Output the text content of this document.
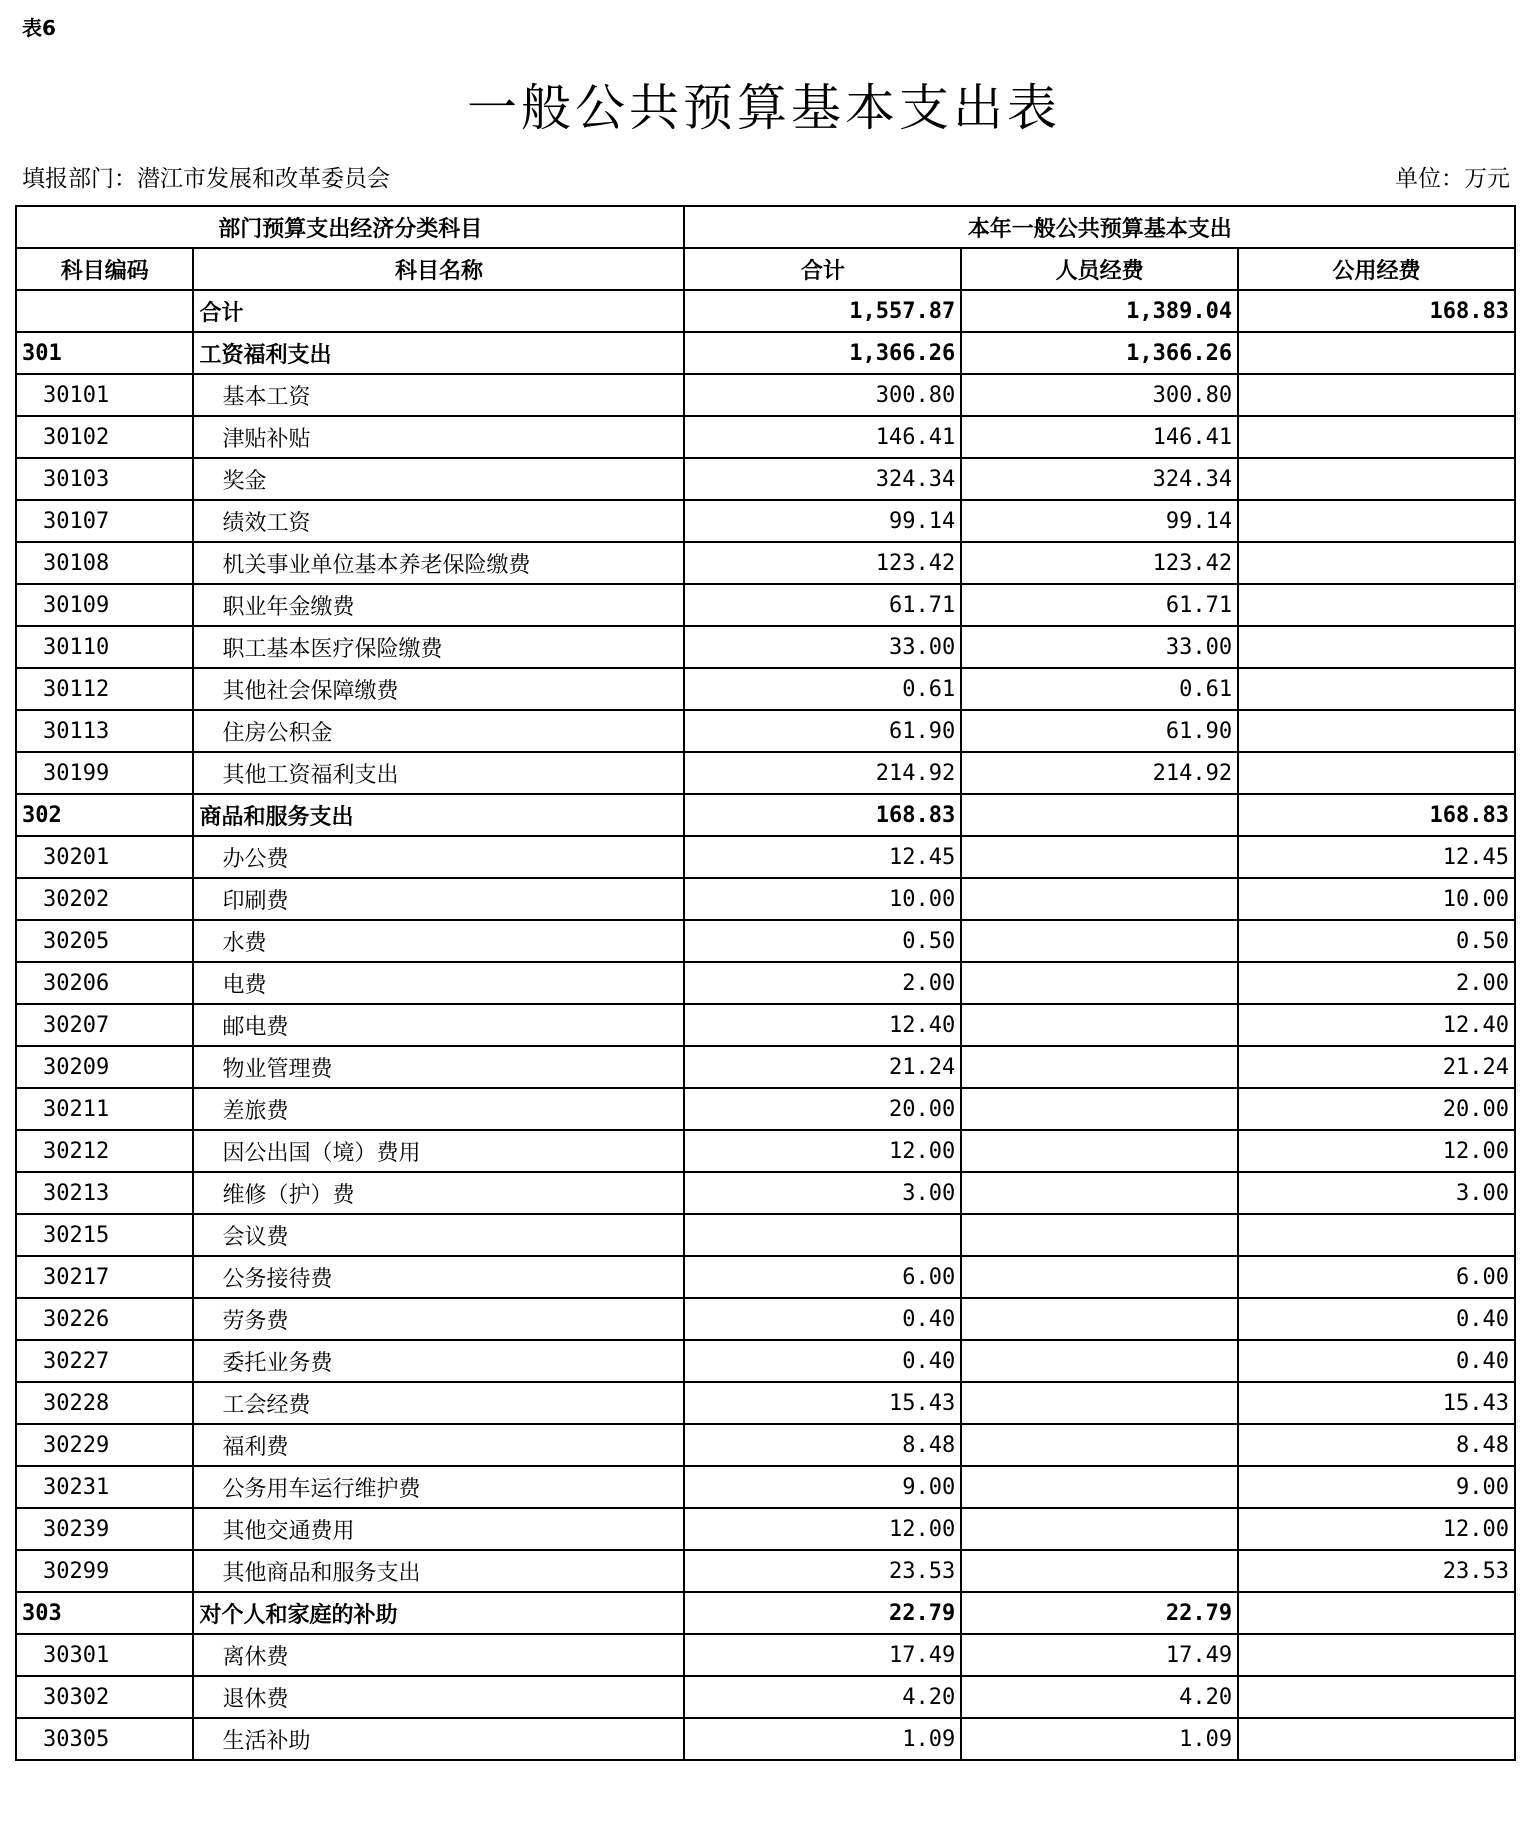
表6
一般公共预算基本支出表
填报部门：潜江市发展和改革委员会	单位：万元
部门预算支出经济分类科目		本年一般公共预算基本支出		
科目编码	科目名称	合计	人员经费	公用经费
	合计	1,557.87	1,389.04	168.83
301	工资福利支出	1,366.26	1,366.26	
30101	基本工资	300.80	300.80	
30102	津贴补贴	146.41	146.41	
30103	奖金	324.34	324.34	
30107	绩效工资	99.14	99.14	
30108	机关事业单位基本养老保险缴费	123.42	123.42	
30109	职业年金缴费	61.71	61.71	
30110	职工基本医疗保险缴费	33.00	33.00	
30112	其他社会保障缴费	0.61	0.61	
30113	住房公积金	61.90	61.90	
30199	其他工资福利支出	214.92	214.92	
302	商品和服务支出	168.83		168.83
30201	办公费	12.45		12.45
30202	印刷费	10.00		10.00
30205	水费	0.50		0.50
30206	电费	2.00		2.00
30207	邮电费	12.40		12.40
30209	物业管理费	21.24		21.24
30211	差旅费	20.00		20.00
30212	因公出国（境）费用	12.00		12.00
30213	维修（护）费	3.00		3.00
30215	会议费			
30217	公务接待费	6.00		6.00
30226	劳务费	0.40		0.40
30227	委托业务费	0.40		0.40
30228	工会经费	15.43		15.43
30229	福利费	8.48		8.48
30231	公务用车运行维护费	9.00		9.00
30239	其他交通费用	12.00		12.00
30299	其他商品和服务支出	23.53		23.53
303	对个人和家庭的补助	22.79	22.79	
30301	离休费	17.49	17.49	
30302	退休费	4.20	4.20	
30305	生活补助	1.09	1.09	
